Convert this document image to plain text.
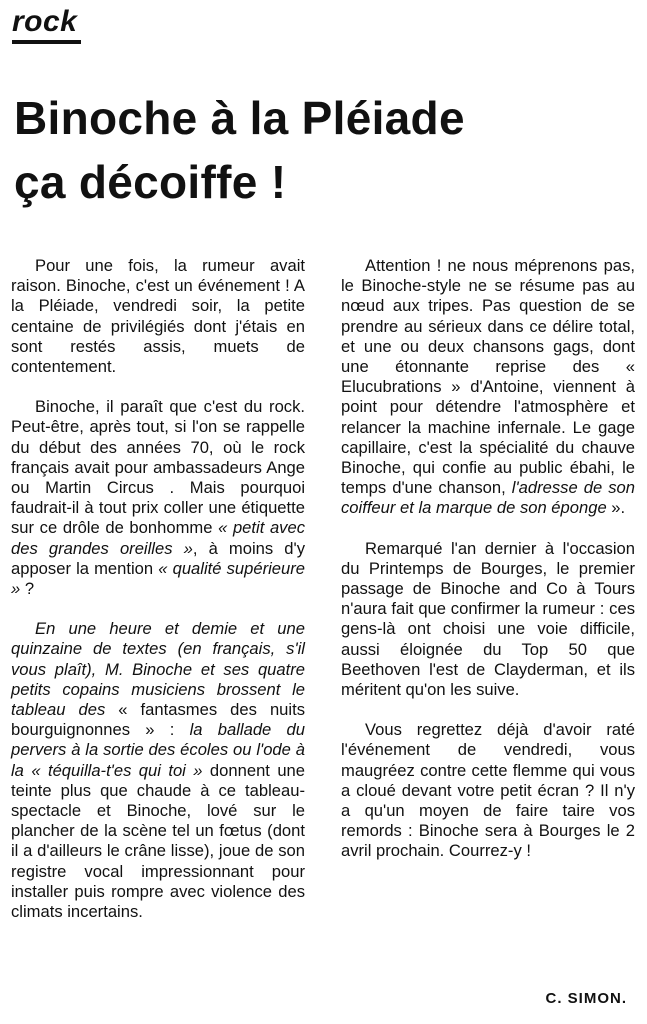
rock
Binoche à la Pléiade
ça décoiffe !

Pour une fois, la rumeur avait raison. Binoche, c'est un événement ! A la Pléiade, vendredi soir, la petite centaine de privilégiés dont j'étais en sont restés assis, muets de contentement.

Binoche, il paraît que c'est du rock. Peut-être, après tout, si l'on se rappelle du début des années 70, où le rock français avait pour ambassadeurs Ange ou Martin Circus . Mais pourquoi faudrait-il à tout prix coller une étiquette sur ce drôle de bonhomme « petit avec des grandes oreilles », à moins d'y apposer la mention « qualité supérieure » ?

En une heure et demie et une quinzaine de textes (en français, s'il vous plaît), M. Binoche et ses quatre petits copains musiciens brossent le tableau des « fantasmes des nuits bourguignonnes » : la ballade du pervers à la sortie des écoles ou l'ode à la « téquilla-t'es qui toi » donnent une teinte plus que chaude à ce tableau-spectacle et Binoche, lové sur le plancher de la scène tel un fœtus (dont il a d'ailleurs le crâne lisse), joue de son registre vocal impressionnant pour installer puis rompre avec violence des climats incertains.

Attention ! ne nous méprenons pas, le Binoche-style ne se résume pas au nœud aux tripes. Pas question de se prendre au sérieux dans ce délire total, et une ou deux chansons gags, dont une étonnante reprise des « Elucubrations » d'Antoine, viennent à point pour détendre l'atmosphère et relancer la machine infernale. Le gage capillaire, c'est la spécialité du chauve Binoche, qui confie au public ébahi, le temps d'une chanson, l'adresse de son coiffeur et la marque de son éponge ».

Remarqué l'an dernier à l'occasion du Printemps de Bourges, le premier passage de Binoche and Co à Tours n'aura fait que confirmer la rumeur : ces gens-là ont choisi une voie difficile, aussi éloignée du Top 50 que Beethoven l'est de Clayderman, et ils méritent qu'on les suive.

Vous regrettez déjà d'avoir raté l'événement de vendredi, vous maugréez contre cette flemme qui vous a cloué devant votre petit écran ? Il n'y a qu'un moyen de faire taire vos remords : Binoche sera à Bourges le 2 avril prochain. Courrez-y !

C. SIMON.
